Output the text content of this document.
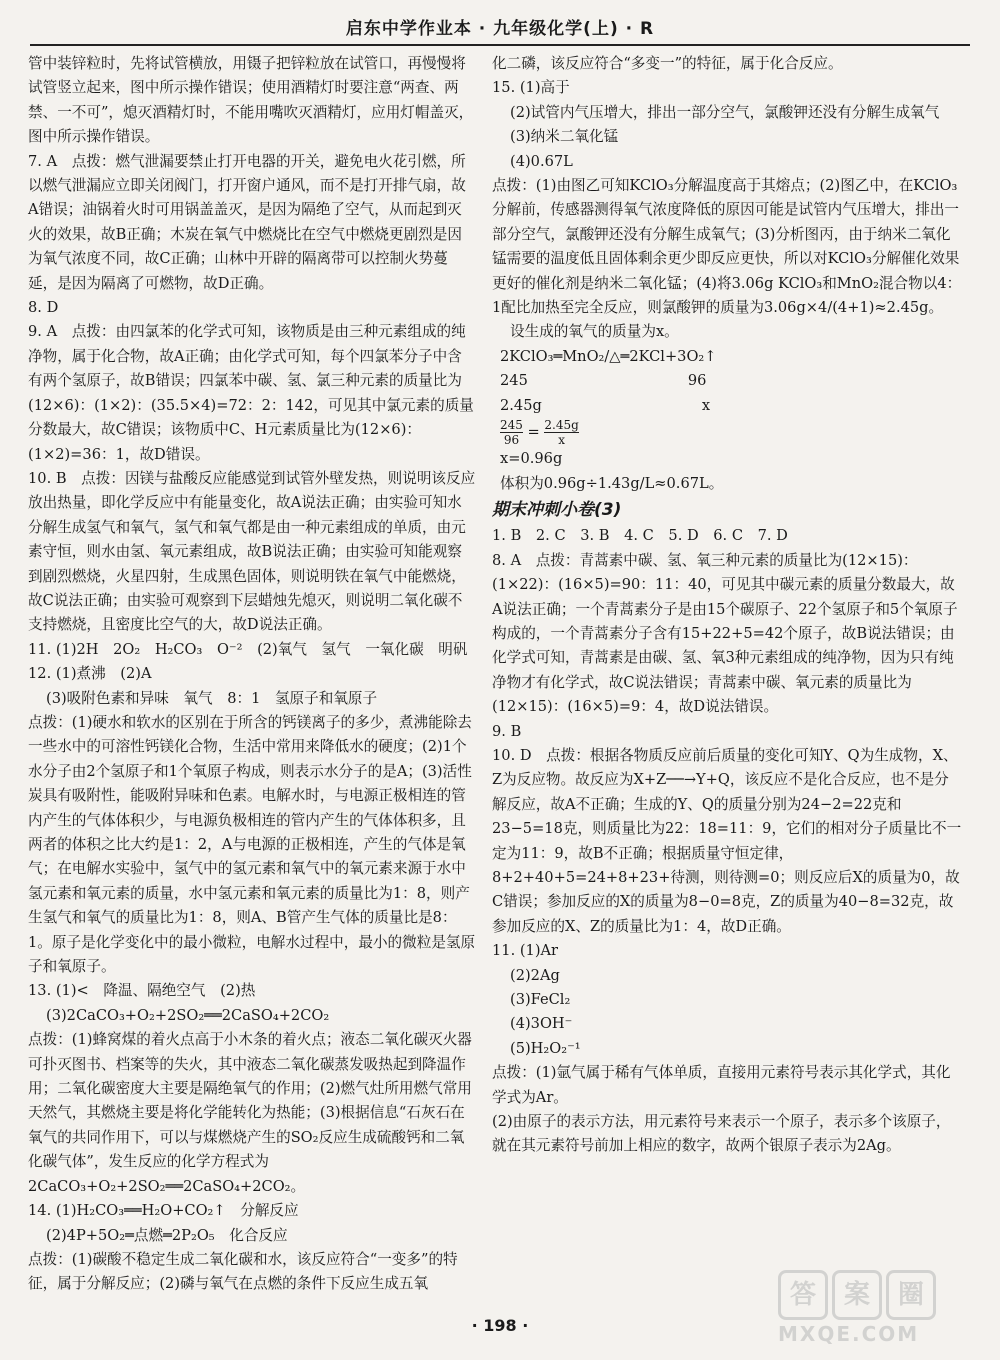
启东中学作业本 · 九年级化学(上) · R

管中装锌粒时，先将试管横放，用镊子把锌粒放在试管口，再慢慢将试管竖立起来，图中所示操作错误；使用酒精灯时要注意“两查、两禁、一不可”，熄灭酒精灯时，不能用嘴吹灭酒精灯，应用灯帽盖灭，图中所示操作错误。

7. A　点拨：燃气泄漏要禁止打开电器的开关，避免电火花引燃，所以燃气泄漏应立即关闭阀门，打开窗户通风，而不是打开排气扇，故A错误；油锅着火时可用锅盖盖灭，是因为隔绝了空气，从而起到灭火的效果，故B正确；木炭在氧气中燃烧比在空气中燃烧更剧烈是因为氧气浓度不同，故C正确；山林中开辟的隔离带可以控制火势蔓延，是因为隔离了可燃物，故D正确。

8. D

9. A　点拨：由四氯苯的化学式可知，该物质是由三种元素组成的纯净物，属于化合物，故A正确；由化学式可知，每个四氯苯分子中含有两个氢原子，故B错误；四氯苯中碳、氢、氯三种元素的质量比为(12×6)：(1×2)：(35.5×4)=72：2：142，可见其中氯元素的质量分数最大，故C错误；该物质中C、H元素质量比为(12×6)：(1×2)=36：1，故D错误。

10. B　点拨：因镁与盐酸反应能感觉到试管外壁发热，则说明该反应放出热量，即化学反应中有能量变化，故A说法正确；由实验可知水分解生成氢气和氧气，氢气和氧气都是由一种元素组成的单质，由元素守恒，则水由氢、氧元素组成，故B说法正确；由实验可知能观察到剧烈燃烧，火星四射，生成黑色固体，则说明铁在氧气中能燃烧，故C说法正确；由实验可观察到下层蜡烛先熄灭，则说明二氧化碳不支持燃烧，且密度比空气的大，故D说法正确。

11. (1)2H　2O₂　H₂CO₃　O⁻²　(2)氧气　氢气　一氧化碳　明矾

12. (1)煮沸　(2)A

(3)吸附色素和异味　氧气　8：1　氢原子和氧原子

点拨：(1)硬水和软水的区别在于所含的钙镁离子的多少，煮沸能除去一些水中的可溶性钙镁化合物，生活中常用来降低水的硬度；(2)1个水分子由2个氢原子和1个氧原子构成，则表示水分子的是A；(3)活性炭具有吸附性，能吸附异味和色素。电解水时，与电源正极相连的管内产生的气体体积少，与电源负极相连的管内产生的气体体积多，且两者的体积之比大约是1：2，A与电源的正极相连，产生的气体是氧气；在电解水实验中，氢气中的氢元素和氧气中的氧元素来源于水中氢元素和氧元素的质量，水中氢元素和氧元素的质量比为1：8，则产生氢气和氧气的质量比为1：8，则A、B管产生气体的质量比是8：1。原子是化学变化中的最小微粒，电解水过程中，最小的微粒是氢原子和氧原子。

13. (1)<　降温、隔绝空气　(2)热

(3)2CaCO₃+O₂+2SO₂══2CaSO₄+2CO₂

点拨：(1)蜂窝煤的着火点高于小木条的着火点；液态二氧化碳灭火器可扑灭图书、档案等的失火，其中液态二氧化碳蒸发吸热起到降温作用；二氧化碳密度大主要是隔绝氧气的作用；(2)燃气灶所用燃气常用天然气，其燃烧主要是将化学能转化为热能；(3)根据信息“石灰石在氧气的共同作用下，可以与煤燃烧产生的SO₂反应生成硫酸钙和二氧化碳气体”，发生反应的化学方程式为2CaCO₃+O₂+2SO₂══2CaSO₄+2CO₂。

14. (1)H₂CO₃══H₂O+CO₂↑　分解反应

(2)4P+5O₂═点燃═2P₂O₅　化合反应

点拨：(1)碳酸不稳定生成二氧化碳和水，该反应符合“一变多”的特征，属于分解反应；(2)磷与氧气在点燃的条件下反应生成五氧

化二磷，该反应符合“多变一”的特征，属于化合反应。

15. (1)高于

(2)试管内气压增大，排出一部分空气，氯酸钾还没有分解生成氧气

(3)纳米二氧化锰

(4)0.67L

点拨：(1)由图乙可知KClO₃分解温度高于其熔点；(2)图乙中，在KClO₃分解前，传感器测得氧气浓度降低的原因可能是试管内气压增大，排出一部分空气，氯酸钾还没有分解生成氧气；(3)分析图丙，由于纳米二氧化锰需要的温度低且固体剩余更少即反应更快，所以对KClO₃分解催化效果更好的催化剂是纳米二氧化锰；(4)将3.06g KClO₃和MnO₂混合物以4：1配比加热至完全反应，则氯酸钾的质量为3.06g×4/(4+1)≈2.45g。

设生成的氧气的质量为x。

2KClO₃═MnO₂/△═2KCl+3O₂↑

245	96
2.45g	x

$\frac{245}{96} = \frac{2.45g}{x}$

x=0.96g

体积为0.96g÷1.43g/L≈0.67L。

期末冲刺小卷(3)

1. B　2. C　3. B　4. C　5. D　6. C　7. D

8. A　点拨：青蒿素中碳、氢、氧三种元素的质量比为(12×15)：(1×22)：(16×5)=90：11：40，可见其中碳元素的质量分数最大，故A说法正确；一个青蒿素分子是由15个碳原子、22个氢原子和5个氧原子构成的，一个青蒿素分子含有15+22+5=42个原子，故B说法错误；由化学式可知，青蒿素是由碳、氢、氧3种元素组成的纯净物，因为只有纯净物才有化学式，故C说法错误；青蒿素中碳、氧元素的质量比为(12×15)：(16×5)=9：4，故D说法错误。

9. B

10. D　点拨：根据各物质反应前后质量的变化可知Y、Q为生成物，X、Z为反应物。故反应为X+Z──→Y+Q，该反应不是化合反应，也不是分解反应，故A不正确；生成的Y、Q的质量分别为24−2=22克和23−5=18克，则质量比为22：18=11：9，它们的相对分子质量比不一定为11：9，故B不正确；根据质量守恒定律，8+2+40+5=24+8+23+待测，则待测=0；则反应后X的质量为0，故C错误；参加反应的X的质量为8−0=8克，Z的质量为40−8=32克，故参加反应的X、Z的质量比为1：4，故D正确。

11. (1)Ar

(2)2Ag

(3)FeCl₂

(4)3OH⁻

(5)H₂O₂⁻¹

点拨：(1)氩气属于稀有气体单质，直接用元素符号表示其化学式，其化学式为Ar。

(2)由原子的表示方法，用元素符号来表示一个原子，表示多个该原子，就在其元素符号前加上相应的数字，故两个银原子表示为2Ag。

· 198 ·
答	案	圈
MXQE.COM
